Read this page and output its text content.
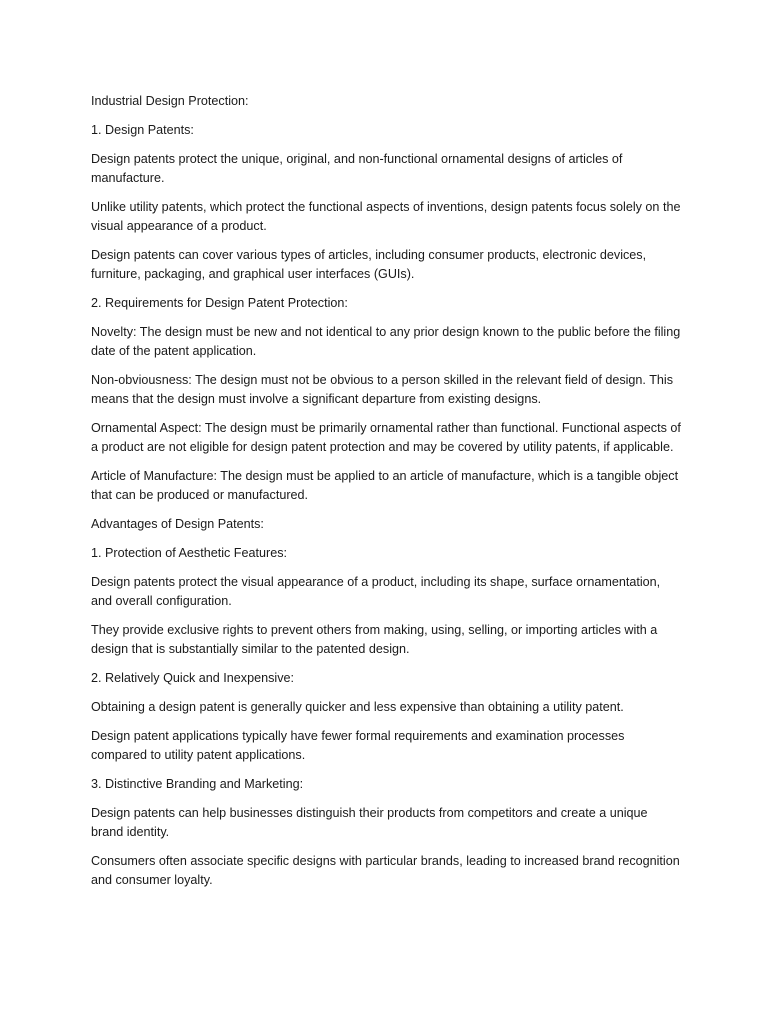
Industrial Design Protection:

1. Design Patents:

Design patents protect the unique, original, and non-functional ornamental designs of articles of manufacture.

Unlike utility patents, which protect the functional aspects of inventions, design patents focus solely on the visual appearance of a product.

Design patents can cover various types of articles, including consumer products, electronic devices, furniture, packaging, and graphical user interfaces (GUIs).

2. Requirements for Design Patent Protection:

Novelty: The design must be new and not identical to any prior design known to the public before the filing date of the patent application.

Non-obviousness: The design must not be obvious to a person skilled in the relevant field of design. This means that the design must involve a significant departure from existing designs.

Ornamental Aspect: The design must be primarily ornamental rather than functional. Functional aspects of a product are not eligible for design patent protection and may be covered by utility patents, if applicable.

Article of Manufacture: The design must be applied to an article of manufacture, which is a tangible object that can be produced or manufactured.

Advantages of Design Patents:

1. Protection of Aesthetic Features:

Design patents protect the visual appearance of a product, including its shape, surface ornamentation, and overall configuration.

They provide exclusive rights to prevent others from making, using, selling, or importing articles with a design that is substantially similar to the patented design.

2. Relatively Quick and Inexpensive:

Obtaining a design patent is generally quicker and less expensive than obtaining a utility patent.

Design patent applications typically have fewer formal requirements and examination processes compared to utility patent applications.

3. Distinctive Branding and Marketing:

Design patents can help businesses distinguish their products from competitors and create a unique brand identity.

Consumers often associate specific designs with particular brands, leading to increased brand recognition and consumer loyalty.
